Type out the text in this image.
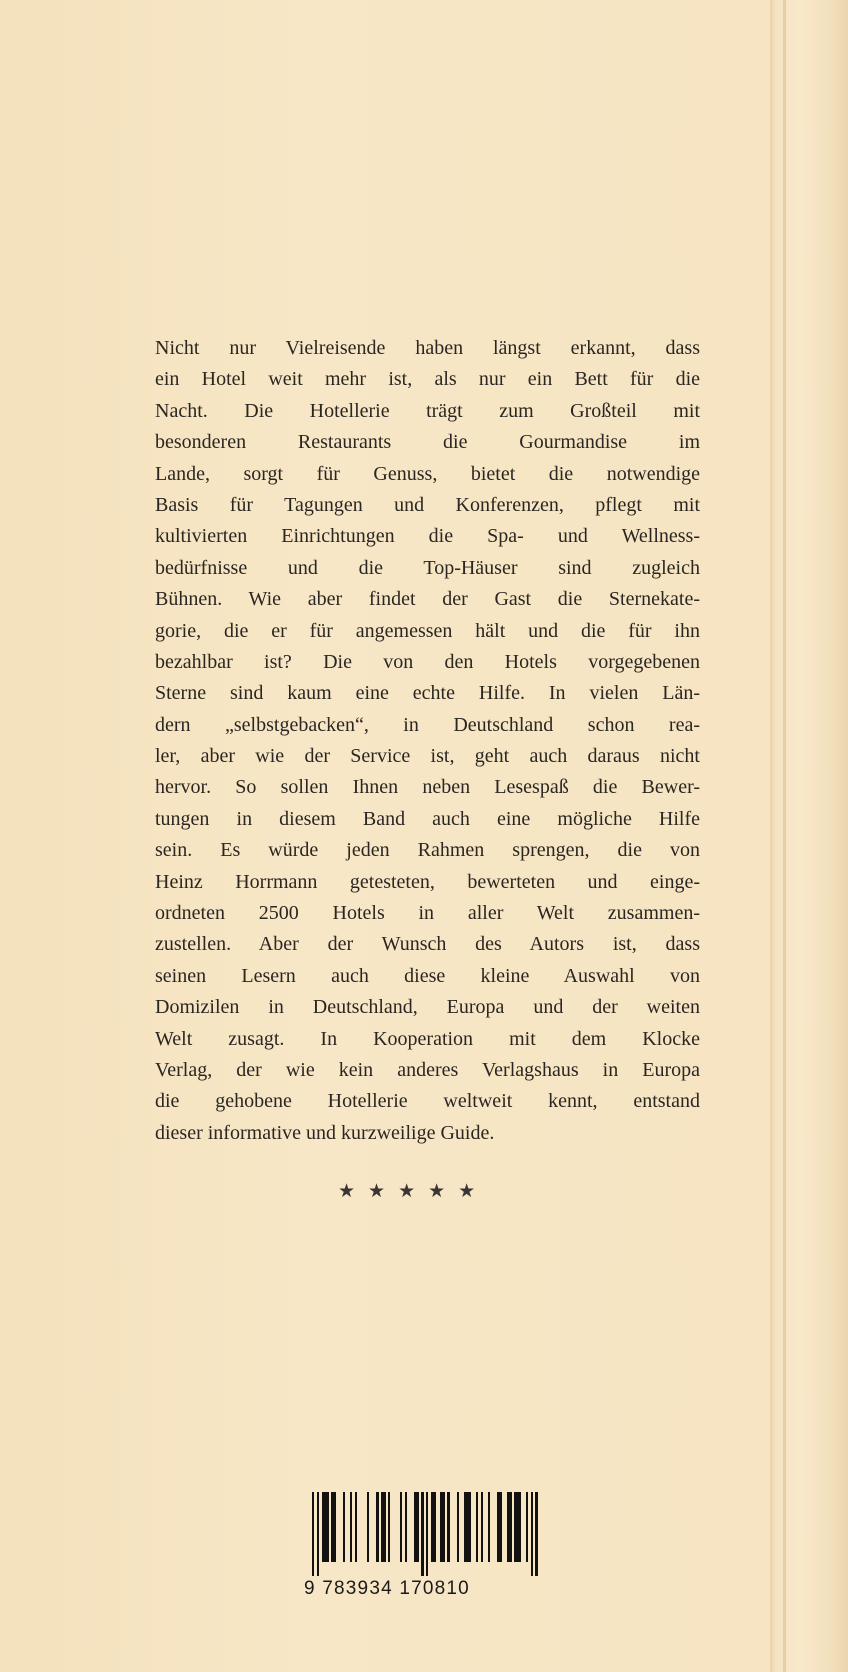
Nicht nur Vielreisende haben längst erkannt, dass
ein Hotel weit mehr ist, als nur ein Bett für die
Nacht. Die Hotellerie trägt zum Großteil mit
besonderen Restaurants die Gourmandise im
Lande, sorgt für Genuss, bietet die notwendige
Basis für Tagungen und Konferenzen, pflegt mit
kultivierten Einrichtungen die Spa- und Wellness-
bedürfnisse und die Top-Häuser sind zugleich
Bühnen. Wie aber findet der Gast die Sternekate-
gorie, die er für angemessen hält und die für ihn
bezahlbar ist? Die von den Hotels vorgegebenen
Sterne sind kaum eine echte Hilfe. In vielen Län-
dern „selbstgebacken“, in Deutschland schon rea-
ler, aber wie der Service ist, geht auch daraus nicht
hervor. So sollen Ihnen neben Lesespaß die Bewer-
tungen in diesem Band auch eine mögliche Hilfe
sein. Es würde jeden Rahmen sprengen, die von
Heinz Horrmann getesteten, bewerteten und einge-
ordneten 2500 Hotels in aller Welt zusammen-
zustellen. Aber der Wunsch des Autors ist, dass
seinen Lesern auch diese kleine Auswahl von
Domizilen in Deutschland, Europa und der weiten
Welt zusagt. In Kooperation mit dem Klocke
Verlag, der wie kein anderes Verlagshaus in Europa
die gehobene Hotellerie weltweit kennt, entstand
dieser informative und kurzweilige Guide.
★★★★★
9 783934 170810
